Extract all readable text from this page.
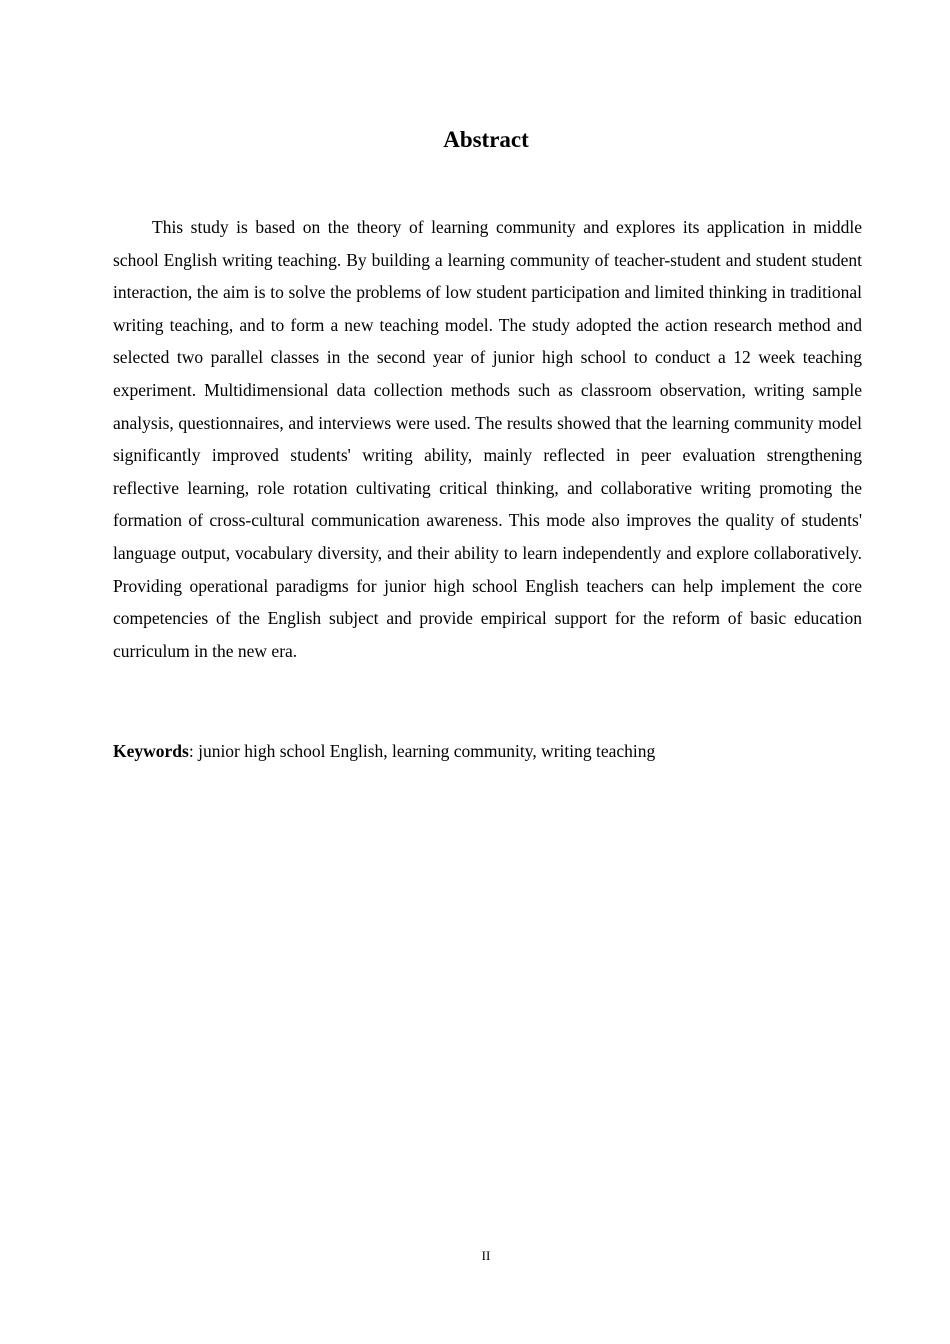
Abstract

This study is based on the theory of learning community and explores its application in middle school English writing teaching. By building a learning community of teacher-student and student student interaction, the aim is to solve the problems of low student participation and limited thinking in traditional writing teaching, and to form a new teaching model. The study adopted the action research method and selected two parallel classes in the second year of junior high school to conduct a 12 week teaching experiment. Multidimensional data collection methods such as classroom observation, writing sample analysis, questionnaires, and interviews were used. The results showed that the learning community model significantly improved students' writing ability, mainly reflected in peer evaluation strengthening reflective learning, role rotation cultivating critical thinking, and collaborative writing promoting the formation of cross-cultural communication awareness. This mode also improves the quality of students' language output, vocabulary diversity, and their ability to learn independently and explore collaboratively. Providing operational paradigms for junior high school English teachers can help implement the core competencies of the English subject and provide empirical support for the reform of basic education curriculum in the new era.

Keywords: junior high school English, learning community, writing teaching

II
